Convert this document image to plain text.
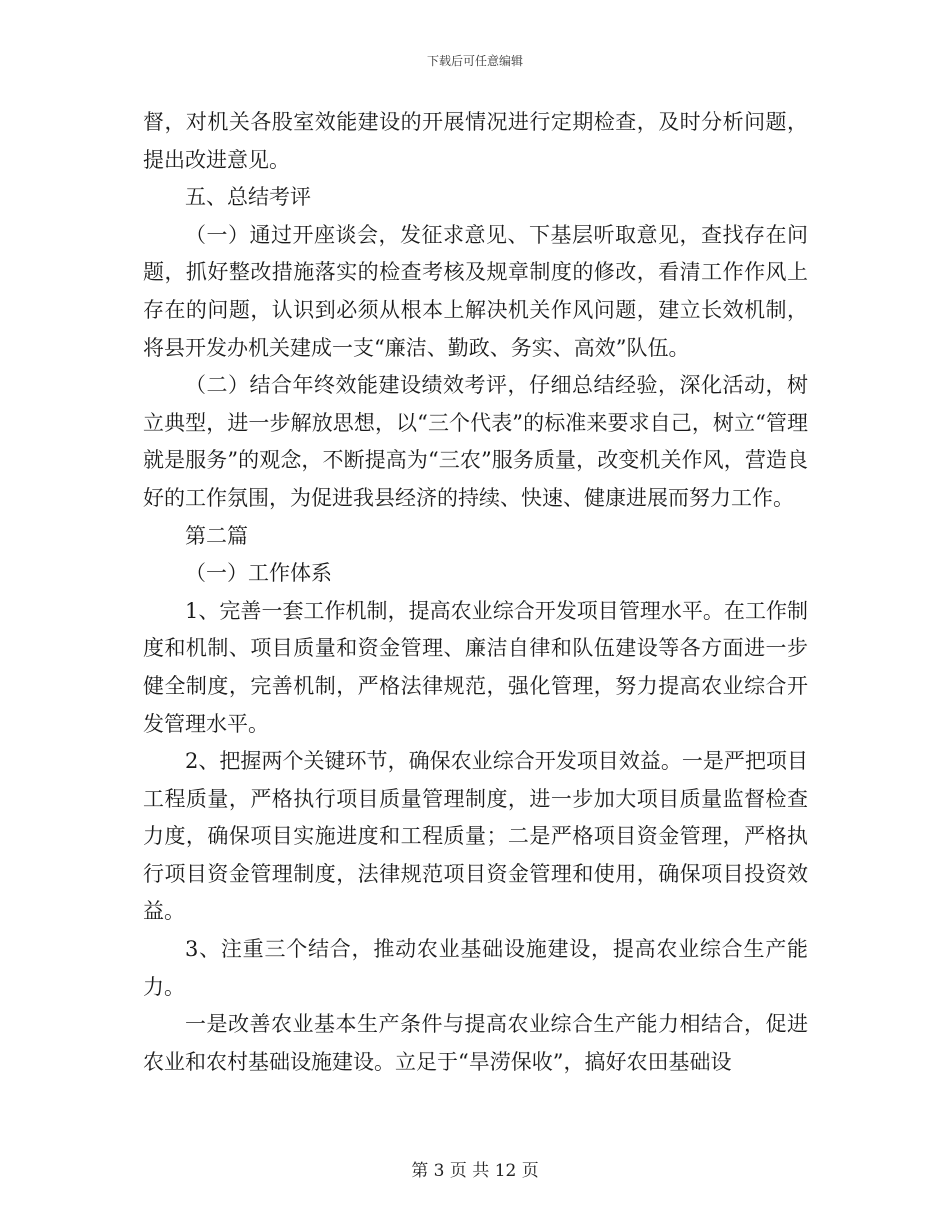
下载后可任意编辑

督，对机关各股室效能建设的开展情况进行定期检查，及时分析问题，提出改进意见。

五、总结考评

（一）通过开座谈会，发征求意见、下基层听取意见，查找存在问题，抓好整改措施落实的检查考核及规章制度的修改，看清工作作风上存在的问题，认识到必须从根本上解决机关作风问题，建立长效机制，将县开发办机关建成一支“廉洁、勤政、务实、高效”队伍。

（二）结合年终效能建设绩效考评，仔细总结经验，深化活动，树立典型，进一步解放思想，以“三个代表”的标准来要求自己，树立“管理就是服务”的观念，不断提高为“三农”服务质量，改变机关作风，营造良好的工作氛围，为促进我县经济的持续、快速、健康进展而努力工作。

第二篇

（一）工作体系

1、完善一套工作机制，提高农业综合开发项目管理水平。在工作制度和机制、项目质量和资金管理、廉洁自律和队伍建设等各方面进一步健全制度，完善机制，严格法律规范，强化管理，努力提高农业综合开发管理水平。

2、把握两个关键环节，确保农业综合开发项目效益。一是严把项目工程质量，严格执行项目质量管理制度，进一步加大项目质量监督检查力度，确保项目实施进度和工程质量；二是严格项目资金管理，严格执行项目资金管理制度，法律规范项目资金管理和使用，确保项目投资效益。

3、注重三个结合，推动农业基础设施建设，提高农业综合生产能力。

一是改善农业基本生产条件与提高农业综合生产能力相结合，促进农业和农村基础设施建设。立足于“旱涝保收”，搞好农田基础设

第 3 页 共 12 页
